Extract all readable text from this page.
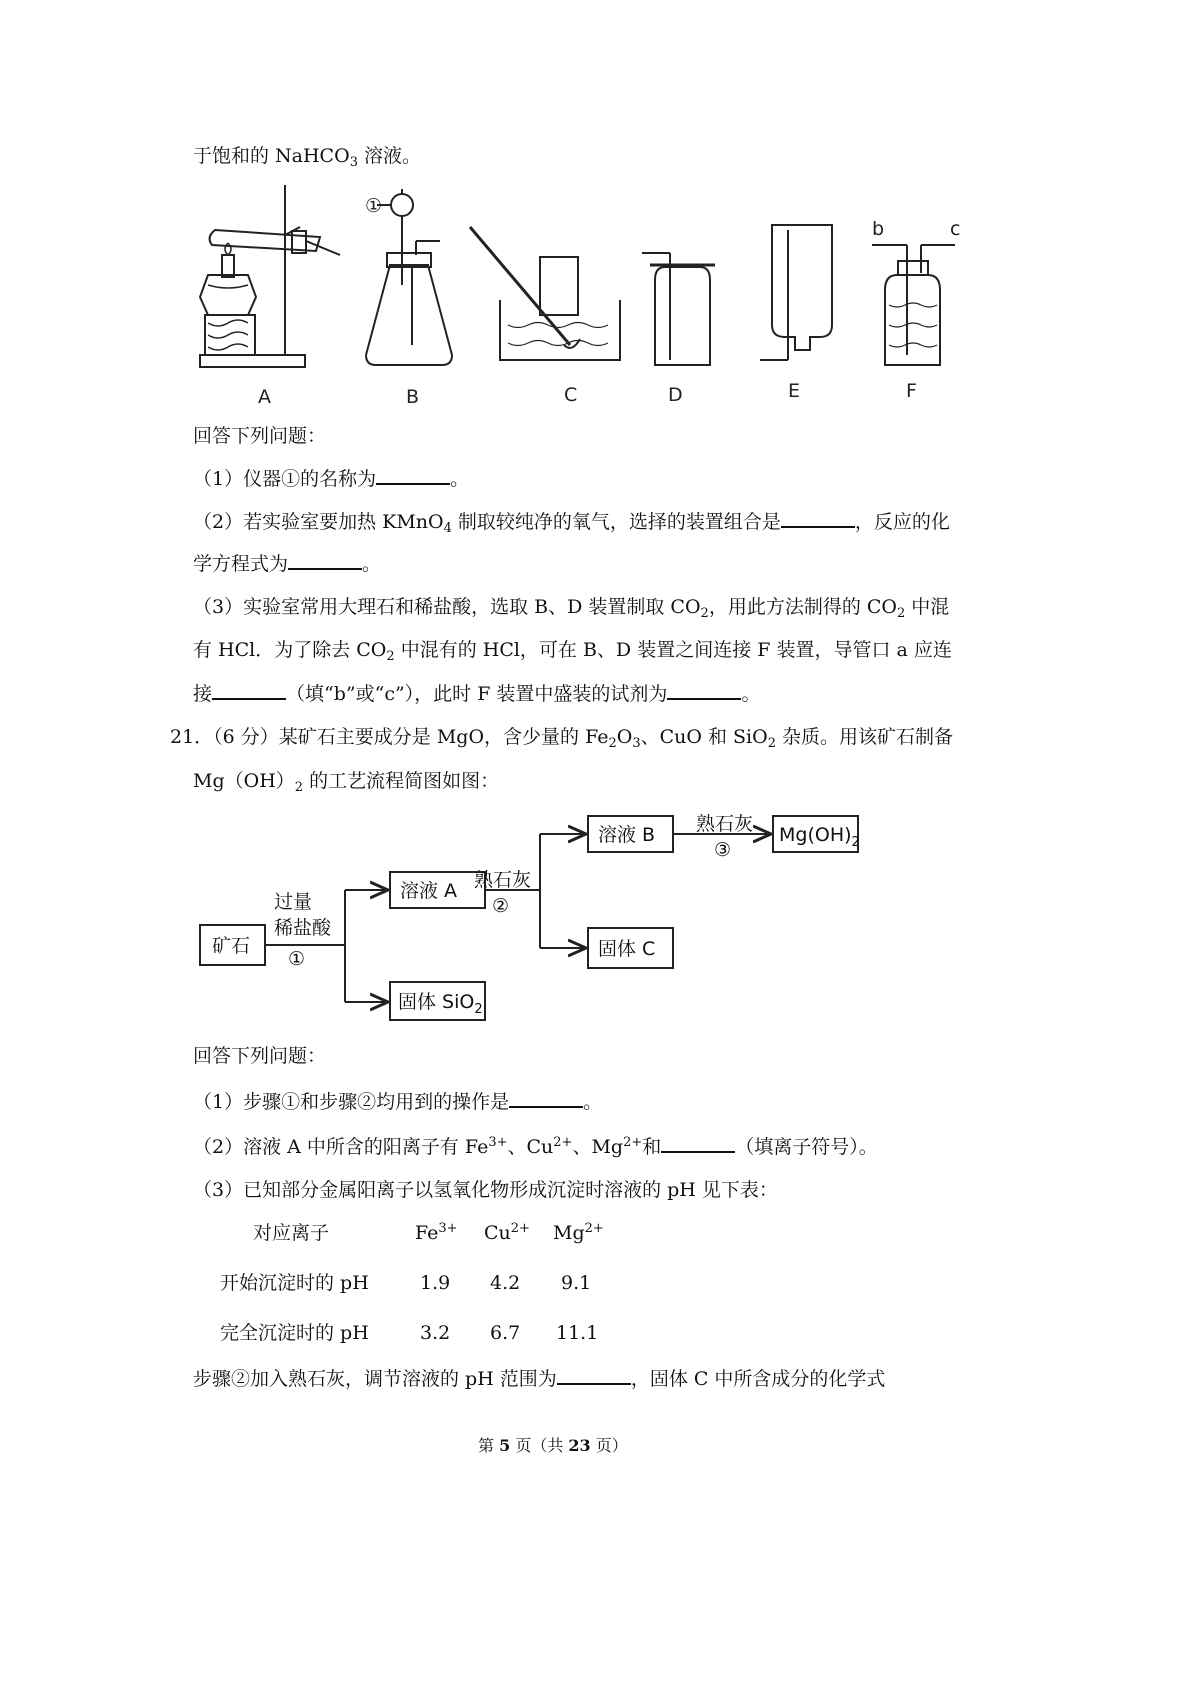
于饱和的 NaHCO$_3$ 溶液。
①
b	c
A	B	C	D	E	F
回答下列问题：
（1）仪器①的名称为	。
（2）若实验室要加热 KMnO$_4$ 制取较纯净的氧气，选择的装置组合是	，反应的化
学方程式为	。
（3）实验室常用大理石和稀盐酸，选取 B、D 装置制取 $CO_2$，用此方法制得的 $CO_2$ 中混
有 HCl．为了除去 $CO_2$ 中混有的 HCl，可在 B、D 装置之间连接 F 装置，导管口 a 应连
接	（填“b”或“c”），此时 F 装置中盛装的试剂为	。
21．（6 分）某矿石主要成分是 MgO，含少量的 $Fe_2O_3$、CuO 和 SiO$_2$ 杂质。用该矿石制备
$Mg(OH)_2$ 的工艺流程简图如图：
矿石
过量
稀盐酸
①
溶液 A
固体 SiO$_2$
熟石灰
②
溶液 B
固体 C
熟石灰
③
$Mg(OH)_2$
回答下列问题：
（1）步骤①和步骤②均用到的操作是	。
（2）溶液 A 中所含的阳离子有 $Fe^{3+}$、$Cu^{2+}$、$Mg^{2+}$和	（填离子符号）。
（3）已知部分金属阳离子以氢氧化物形成沉淀时溶液的 pH 见下表：
对应离子	$Fe^{3+}$ $Cu^{2+}$ $Mg^{2+}$
开始沉淀时的 pH	1.9 4.2 9.1
完全沉淀时的 pH	3.2 6.7 11.1
步骤②加入熟石灰，调节溶液的 pH 范围为	，固体 C 中所含成分的化学式
第 5 页（共 23 页）
